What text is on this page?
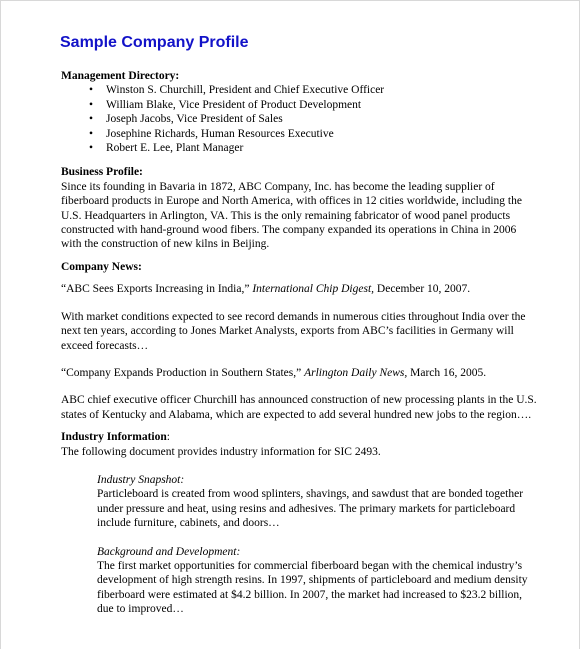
Sample Company Profile

Management Directory:

• Winston S. Churchill, President and Chief Executive Officer
• William Blake, Vice President of Product Development
• Joseph Jacobs, Vice President of Sales
• Josephine Richards, Human Resources Executive
• Robert E. Lee, Plant Manager

Business Profile:

Since its founding in Bavaria in 1872, ABC Company, Inc. has become the leading supplier of fiberboard products in Europe and North America, with offices in 12 cities worldwide, including the U.S. Headquarters in Arlington, VA. This is the only remaining fabricator of wood panel products constructed with hand-ground wood fibers. The company expanded its operations in China in 2006 with the construction of new kilns in Beijing.

Company News:

“ABC Sees Exports Increasing in India,” International Chip Digest, December 10, 2007.

With market conditions expected to see record demands in numerous cities throughout India over the next ten years, according to Jones Market Analysts, exports from ABC’s facilities in Germany will exceed forecasts…

“Company Expands Production in Southern States,” Arlington Daily News, March 16, 2005.

ABC chief executive officer Churchill has announced construction of new processing plants in the U.S. states of Kentucky and Alabama, which are expected to add several hundred new jobs to the region….

Industry Information:

The following document provides industry information for SIC 2493.

Industry Snapshot:

Particleboard is created from wood splinters, shavings, and sawdust that are bonded together under pressure and heat, using resins and adhesives. The primary markets for particleboard include furniture, cabinets, and doors…

Background and Development:

The first market opportunities for commercial fiberboard began with the chemical industry’s development of high strength resins. In 1997, shipments of particleboard and medium density fiberboard were estimated at $4.2 billion. In 2007, the market had increased to $23.2 billion, due to improved…
